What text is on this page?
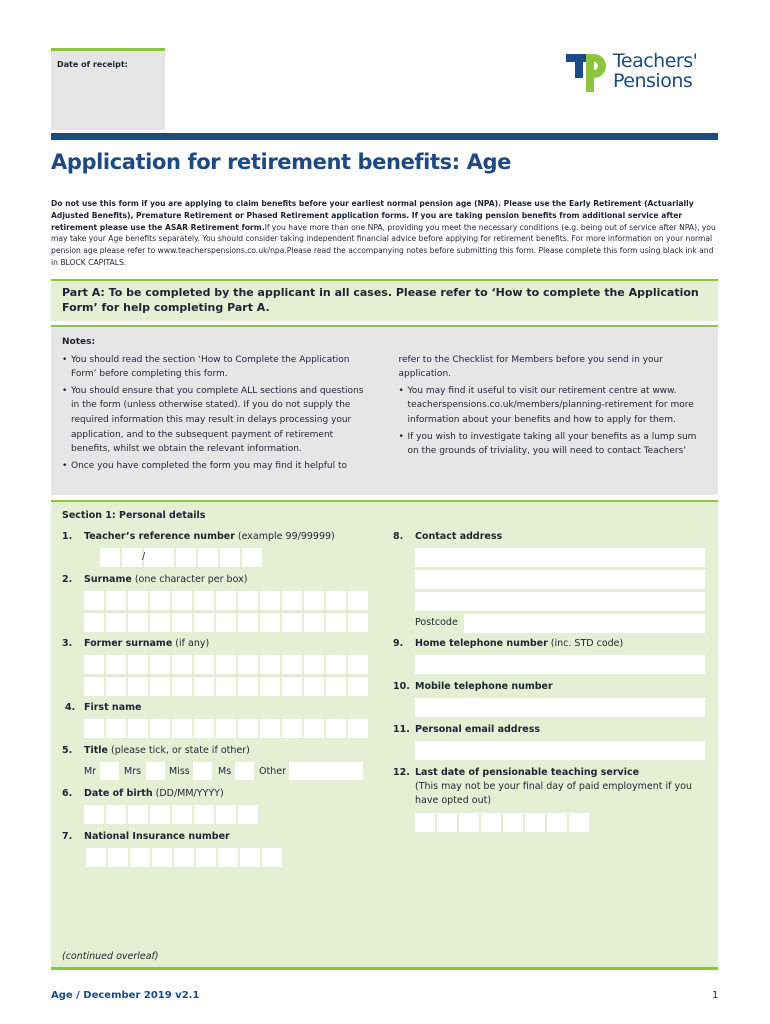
Date of receipt:	Teachers'
Pensions
Application for retirement benefits: Age
Do not use this form if you are applying to claim benefits before your earliest normal pension age (NPA). Please use the Early Retirement (Actuarially Adjusted Benefits), Premature Retirement or Phased Retirement application forms. If you are taking pension benefits from additional service after retirement please use the ASAR Retirement form.If you have more than one NPA, providing you meet the necessary conditions (e.g. being out of service after NPA), you may take your Age benefits separately. You should consider taking independent financial advice before applying for retirement benefits. For more information on your normal pension age please refer to www.teacherspensions.co.uk/npa.Please read the accompanying notes before submitting this form. Please complete this form using black ink and in BLOCK CAPITALS.
Part A: To be completed by the applicant in all cases. Please refer to ‘How to complete the Application Form’ for help completing Part A.
Notes:
• You should read the section ‘How to Complete the Application Form’ before completing this form.
• You should ensure that you complete ALL sections and questions in the form (unless otherwise stated). If you do not supply the required information this may result in delays processing your application, and to the subsequent payment of retirement benefits, whilst we obtain the relevant information.
• Once you have completed the form you may find it helpful to
refer to the Checklist for Members before you send in your application.
• You may find it useful to visit our retirement centre at www. teacherspensions.co.uk/members/planning-retirement for more information about your benefits and how to apply for them.
• If you wish to investigate taking all your benefits as a lump sum on the grounds of triviality, you will need to contact Teachers’
Section 1: Personal details
1. Teacher’s reference number (example 99/99999)
/
2. Surname (one character per box)
3. Former surname (if any)
4. First name
5. Title (please tick, or state if other)
Mr	Mrs	Miss	Ms	Other
6. Date of birth (DD/MM/YYYY)
7. National Insurance number
8. Contact address
Postcode
9. Home telephone number (inc. STD code)
10. Mobile telephone number
11. Personal email address
12. Last date of pensionable teaching service
(This may not be your final day of paid employment if you
have opted out)
(continued overleaf)
Age / December 2019 v2.1	1
